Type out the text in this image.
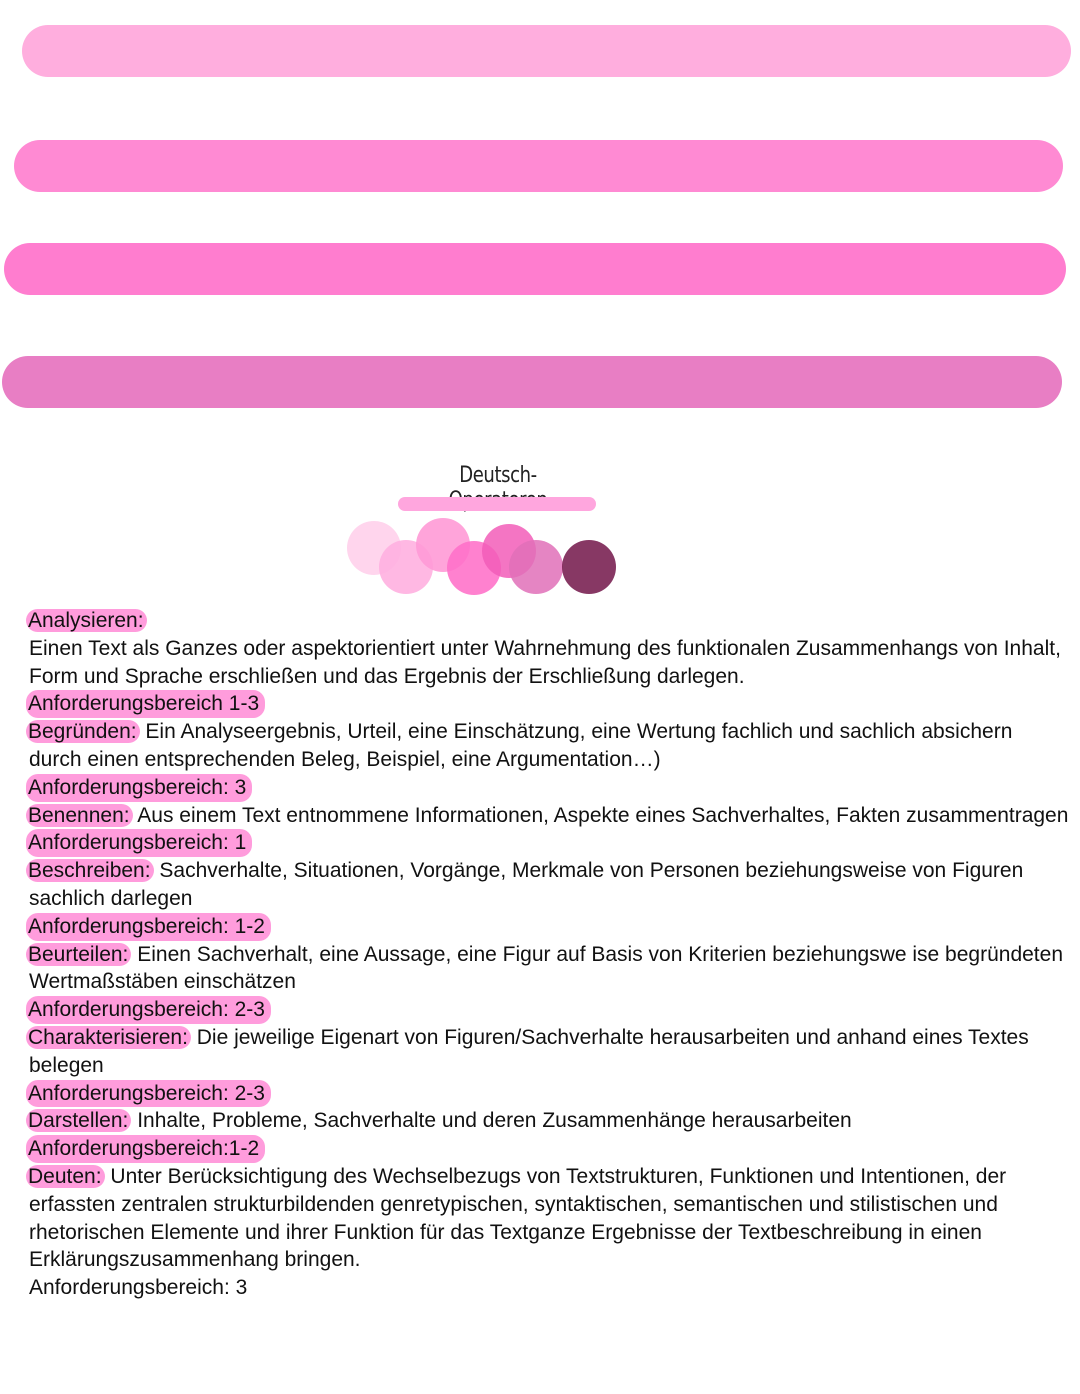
Deutsch-
Analysieren:
Einen Text als Ganzes oder aspektorientiert unter Wahrnehmung des funktionalen Zusammenhangs von Inhalt, Form und Sprache erschließen und das Ergebnis der Erschließung darlegen.
Anforderungsbereich 1-3
Begründen: Ein Analyseergebnis, Urteil, eine Einschätzung, eine Wertung fachlich und sachlich absichern durch einen entsprechenden Beleg, Beispiel, eine Argumentation…)
Anforderungsbereich: 3
Benennen: Aus einem Text entnommene Informationen, Aspekte eines Sachverhaltes, Fakten zusammentragen
Anforderungsbereich: 1
Beschreiben: Sachverhalte, Situationen, Vorgänge, Merkmale von Personen beziehungsweise von Figuren sachlich darlegen
Anforderungsbereich: 1-2
Beurteilen: Einen Sachverhalt, eine Aussage, eine Figur auf Basis von Kriterien beziehungswe ise begründeten Wertmaßstäben einschätzen
Anforderungsbereich: 2-3
Charakterisieren: Die jeweilige Eigenart von Figuren/Sachverhalte herausarbeiten und anhand eines Textes belegen
Anforderungsbereich: 2-3
Darstellen: Inhalte, Probleme, Sachverhalte und deren Zusammenhänge herausarbeiten
Anforderungsbereich:1-2
Deuten: Unter Berücksichtigung des Wechselbezugs von Textstrukturen, Funktionen und Intentionen, der erfassten zentralen strukturbildenden genretypischen, syntaktischen, semantischen und stilistischen und rhetorischen Elemente und ihrer Funktion für das Textganze Ergebnisse der Textbeschreibung in einen Erklärungszusammenhang bringen.
Anforderungsbereich: 3
